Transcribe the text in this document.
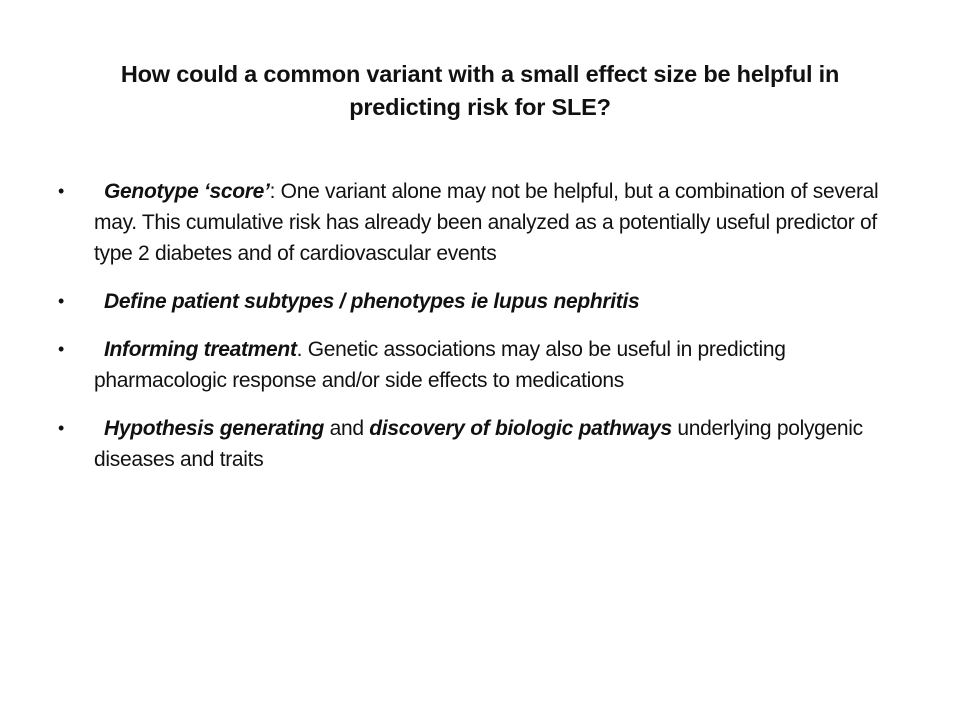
How could a common variant with a small effect size be helpful in predicting risk for SLE?
• Genotype ‘score’: One variant alone may not be helpful, but a combination of several may. This cumulative risk has already been analyzed as a potentially useful predictor of type 2 diabetes and of cardiovascular events
• Define patient subtypes / phenotypes ie lupus nephritis
• Informing treatment. Genetic associations may also be useful in predicting pharmacologic response and/or side effects to medications
• Hypothesis generating and discovery of biologic pathways underlying polygenic diseases and traits
